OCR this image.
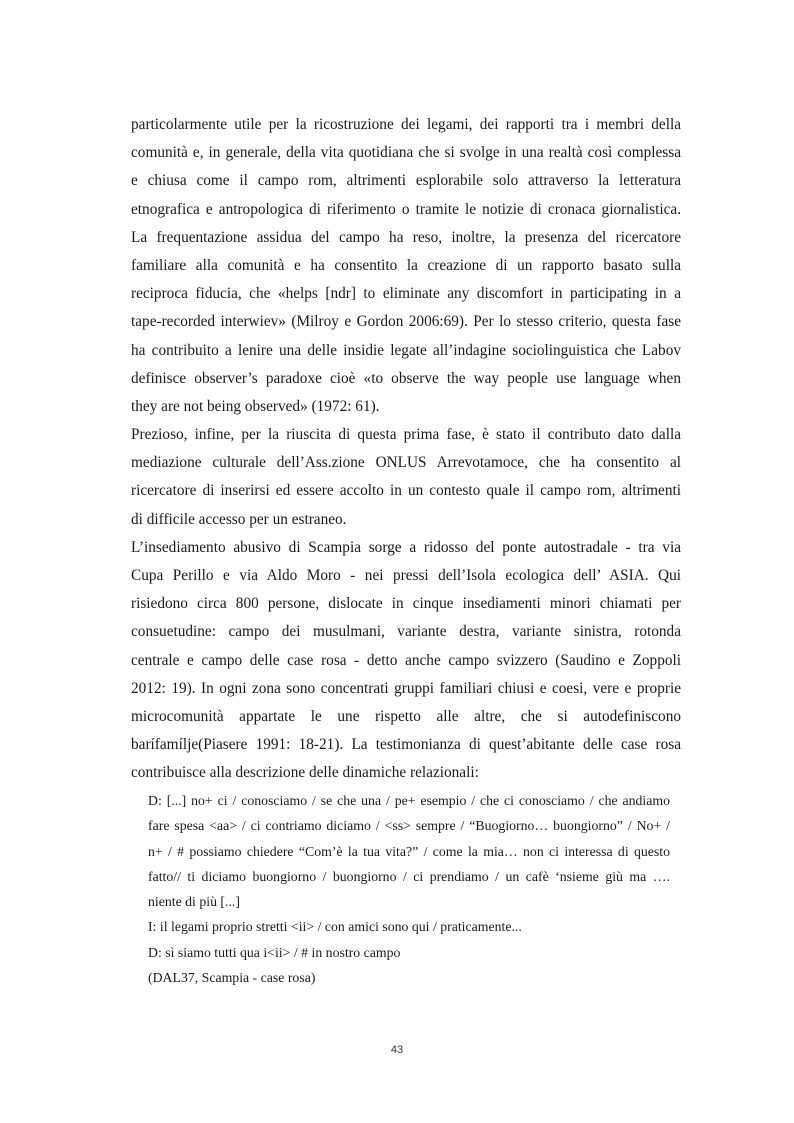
particolarmente utile per la ricostruzione dei legami, dei rapporti tra i membri della
comunità e, in generale, della vita quotidiana che si svolge in una realtà così complessa
e chiusa come il campo rom, altrimenti esplorabile solo attraverso la letteratura
etnografica e antropologica di riferimento o tramite le notizie di cronaca giornalistica.
La frequentazione assidua del campo ha reso, inoltre, la presenza del ricercatore
familiare alla comunità e ha consentito la creazione di un rapporto basato sulla
reciproca fiducia, che «helps [ndr] to eliminate any discomfort in participating in a
tape-recorded interwiev» (Milroy e Gordon 2006:69). Per lo stesso criterio, questa fase
ha contribuito a lenire una delle insidie legate all’indagine sociolinguistica che Labov
definisce observer’s paradoxe cioè «to observe the way people use language when
they are not being observed» (1972: 61).
Prezioso, infine, per la riuscita di questa prima fase, è stato il contributo dato dalla
mediazione culturale dell’Ass.zione ONLUS Arrevotamoce, che ha consentito al
ricercatore di inserirsi ed essere accolto in un contesto quale il campo rom, altrimenti
di difficile accesso per un estraneo.
L’insediamento abusivo di Scampia sorge a ridosso del ponte autostradale - tra via
Cupa Perillo e via Aldo Moro - nei pressi dell’Isola ecologica dell’ ASIA. Qui
risiedono circa 800 persone, dislocate in cinque insediamenti minori chiamati per
consuetudine: campo dei musulmani, variante destra, variante sinistra, rotonda
centrale e campo delle case rosa - detto anche campo svizzero (Saudino e Zoppoli
2012: 19). In ogni zona sono concentrati gruppi familiari chiusi e coesi, vere e proprie
microcomunità appartate le une rispetto alle altre, che si autodefiniscono
barífamílje(Piasere 1991: 18-21). La testimonianza di quest’abitante delle case rosa
contribuisce alla descrizione delle dinamiche relazionali:
D: [...] no+ ci / conosciamo / se che una / pe+ esempio / che ci conosciamo / che andiamo
fare spesa <aa> / ci contriamo diciamo / <ss> sempre / “Buogiorno… buongiorno” / No+ /
n+ / # possiamo chiedere “Com’è la tua vita?” / come la mia… non ci interessa di questo
fatto// ti diciamo buongiorno / buongiorno / ci prendiamo / un cafè ‘nsieme giù ma ….
niente di più [...]
I: il legami proprio stretti <ii> / con amici sono qui / praticamente...
D: sì siamo tutti qua i<ii> / # in nostro campo
(DAL37, Scampia - case rosa)
43
